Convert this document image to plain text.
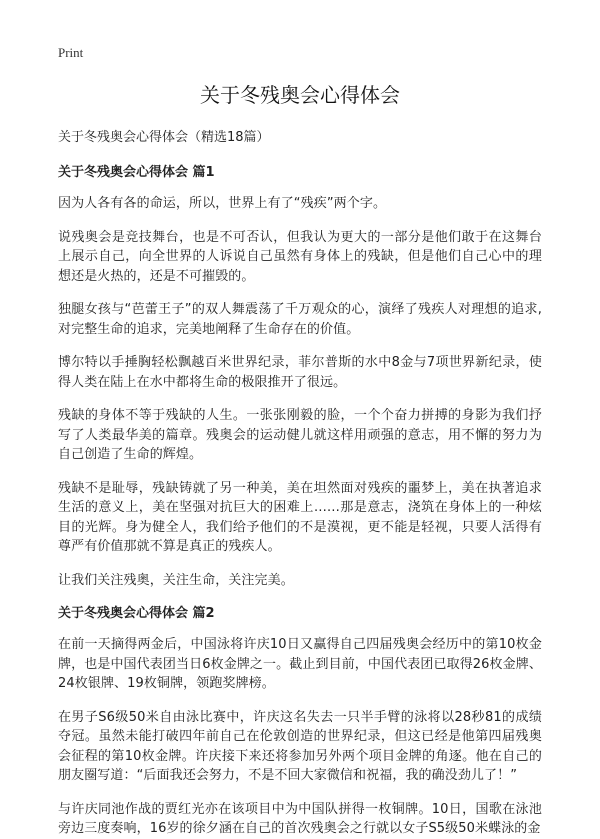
Print
关于冬残奥会心得体会
关于冬残奥会心得体会（精选18篇）
关于冬残奥会心得体会 篇1

因为人各有各的命运，所以，世界上有了“残疾”两个字。

说残奥会是竞技舞台，也是不可否认，但我认为更大的一部分是他们敢于在这舞台上展示自己，向全世界的人诉说自己虽然有身体上的残缺，但是他们自己心中的理想还是火热的，还是不可摧毁的。

独腿女孩与“芭蕾王子”的双人舞震荡了千万观众的心，演绎了残疾人对理想的追求,对完整生命的追求，完美地阐释了生命存在的价值。

博尔特以手捶胸轻松飘越百米世界纪录，菲尔普斯的水中8金与7项世界新纪录，使得人类在陆上在水中都将生命的极限推开了很远。

残缺的身体不等于残缺的人生。一张张刚毅的脸，一个个奋力拼搏的身影为我们抒写了人类最华美的篇章。残奥会的运动健儿就这样用顽强的意志，用不懈的努力为自己创造了生命的辉煌。

残缺不是耻辱，残缺铸就了另一种美，美在坦然面对残疾的噩梦上，美在执著追求生活的意义上，美在坚强对抗巨大的困难上……那是意志，浇筑在身体上的一种炫目的光辉。身为健全人，我们给予他们的不是漠视，更不能是轻视，只要人活得有尊严有价值那就不算是真正的残疾人。

让我们关注残奥，关注生命，关注完美。

关于冬残奥会心得体会 篇2

在前一天摘得两金后，中国泳将许庆10日又赢得自己四届残奥会经历中的第10枚金牌，也是中国代表团当日6枚金牌之一。截止到目前，中国代表团已取得26枚金牌、24枚银牌、19枚铜牌，领跑奖牌榜。

在男子S6级50米自由泳比赛中，许庆这名失去一只半手臂的泳将以28秒81的成绩夺冠。虽然未能打破四年前自己在伦敦创造的世界纪录，但这已经是他第四届残奥会征程的第10枚金牌。许庆接下来还将参加另外两个项目金牌的角逐。他在自己的朋友圈写道：“后面我还会努力，不是不回大家微信和祝福，我的确没劲儿了！”

与许庆同池作战的贾红光亦在该项目中为中国队拼得一枚铜牌。10日，国歌在泳池旁边三度奏响，16岁的徐夕涵在自己的首次残奥会之行就以女子S5级50米蝶泳的金
